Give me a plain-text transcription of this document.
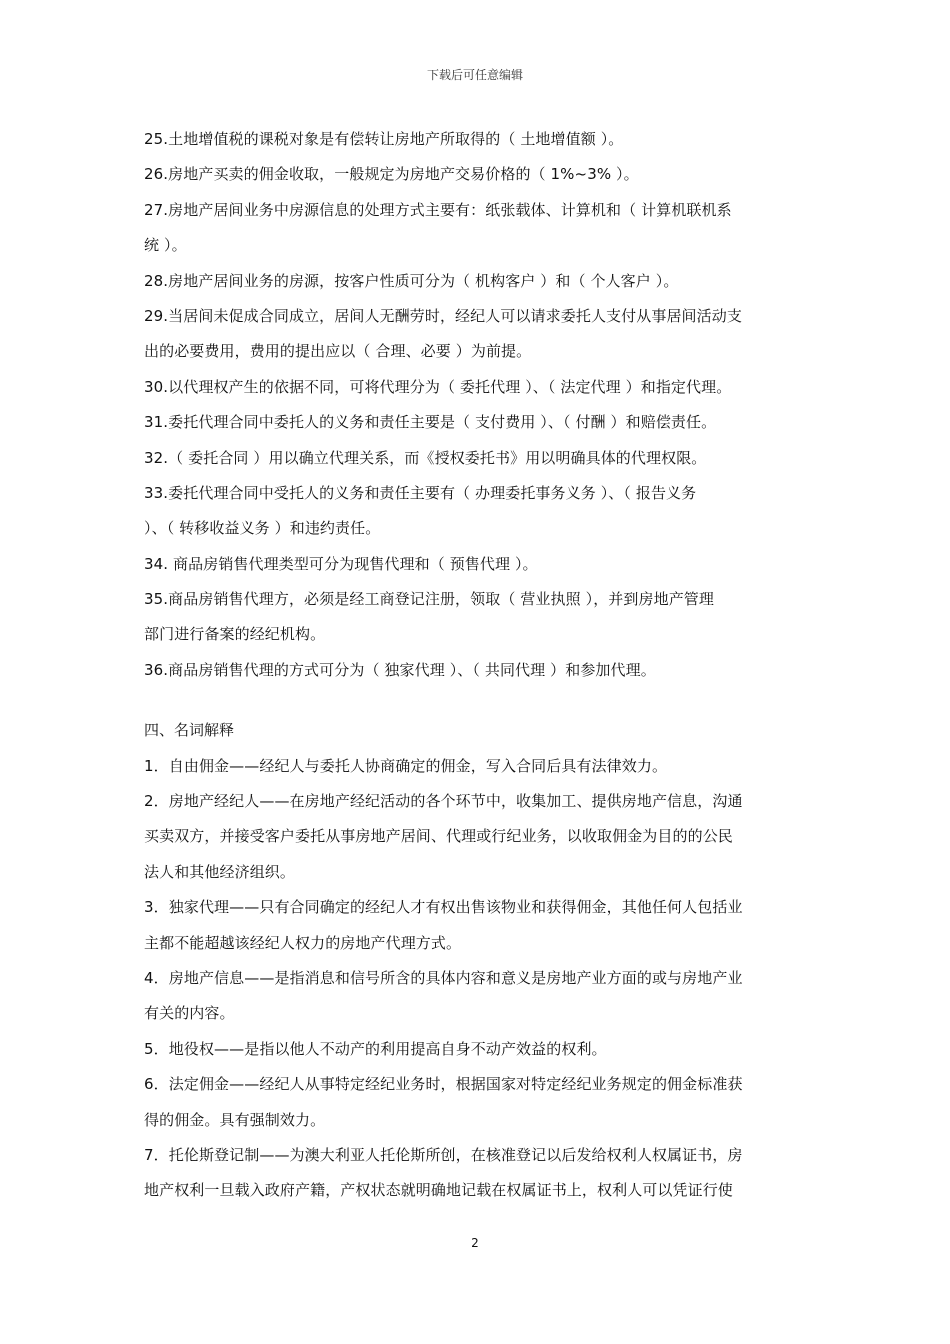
下载后可任意编辑
25.土地增值税的课税对象是有偿转让房地产所取得的（ 土地增值额 ）。
26.房地产买卖的佣金收取，一般规定为房地产交易价格的（ 1%~3% ）。
27.房地产居间业务中房源信息的处理方式主要有：纸张载体、计算机和（ 计算机联机系
统 ）。
28.房地产居间业务的房源，按客户性质可分为（ 机构客户 ）和（ 个人客户 ）。
29.当居间未促成合同成立，居间人无酬劳时，经纪人可以请求委托人支付从事居间活动支
出的必要费用，费用的提出应以（ 合理、必要 ）为前提。
30.以代理权产生的依据不同，可将代理分为（ 委托代理 ）、（ 法定代理 ）和指定代理。
31.委托代理合同中委托人的义务和责任主要是（ 支付费用 ）、（ 付酬 ）和赔偿责任。
32.（ 委托合同 ）用以确立代理关系，而《授权委托书》用以明确具体的代理权限。
33.委托代理合同中受托人的义务和责任主要有（ 办理委托事务义务 ）、（ 报告义务
）、（ 转移收益义务 ）和违约责任。
34. 商品房销售代理类型可分为现售代理和（ 预售代理 ）。
35.商品房销售代理方，必须是经工商登记注册，领取（ 营业执照 ），并到房地产管理
部门进行备案的经纪机构。
36.商品房销售代理的方式可分为（ 独家代理 ）、（ 共同代理 ）和参加代理。
四、名词解释
1．自由佣金——经纪人与委托人协商确定的佣金，写入合同后具有法律效力。
2．房地产经纪人——在房地产经纪活动的各个环节中，收集加工、提供房地产信息，沟通
买卖双方，并接受客户委托从事房地产居间、代理或行纪业务，以收取佣金为目的的公民
法人和其他经济组织。
3．独家代理——只有合同确定的经纪人才有权出售该物业和获得佣金，其他任何人包括业
主都不能超越该经纪人权力的房地产代理方式。
4．房地产信息——是指消息和信号所含的具体内容和意义是房地产业方面的或与房地产业
有关的内容。
5．地役权——是指以他人不动产的利用提高自身不动产效益的权利。
6．法定佣金——经纪人从事特定经纪业务时，根据国家对特定经纪业务规定的佣金标准获
得的佣金。具有强制效力。
7．托伦斯登记制——为澳大利亚人托伦斯所创，在核准登记以后发给权利人权属证书，房
地产权利一旦载入政府产籍，产权状态就明确地记载在权属证书上，权利人可以凭证行使
2
